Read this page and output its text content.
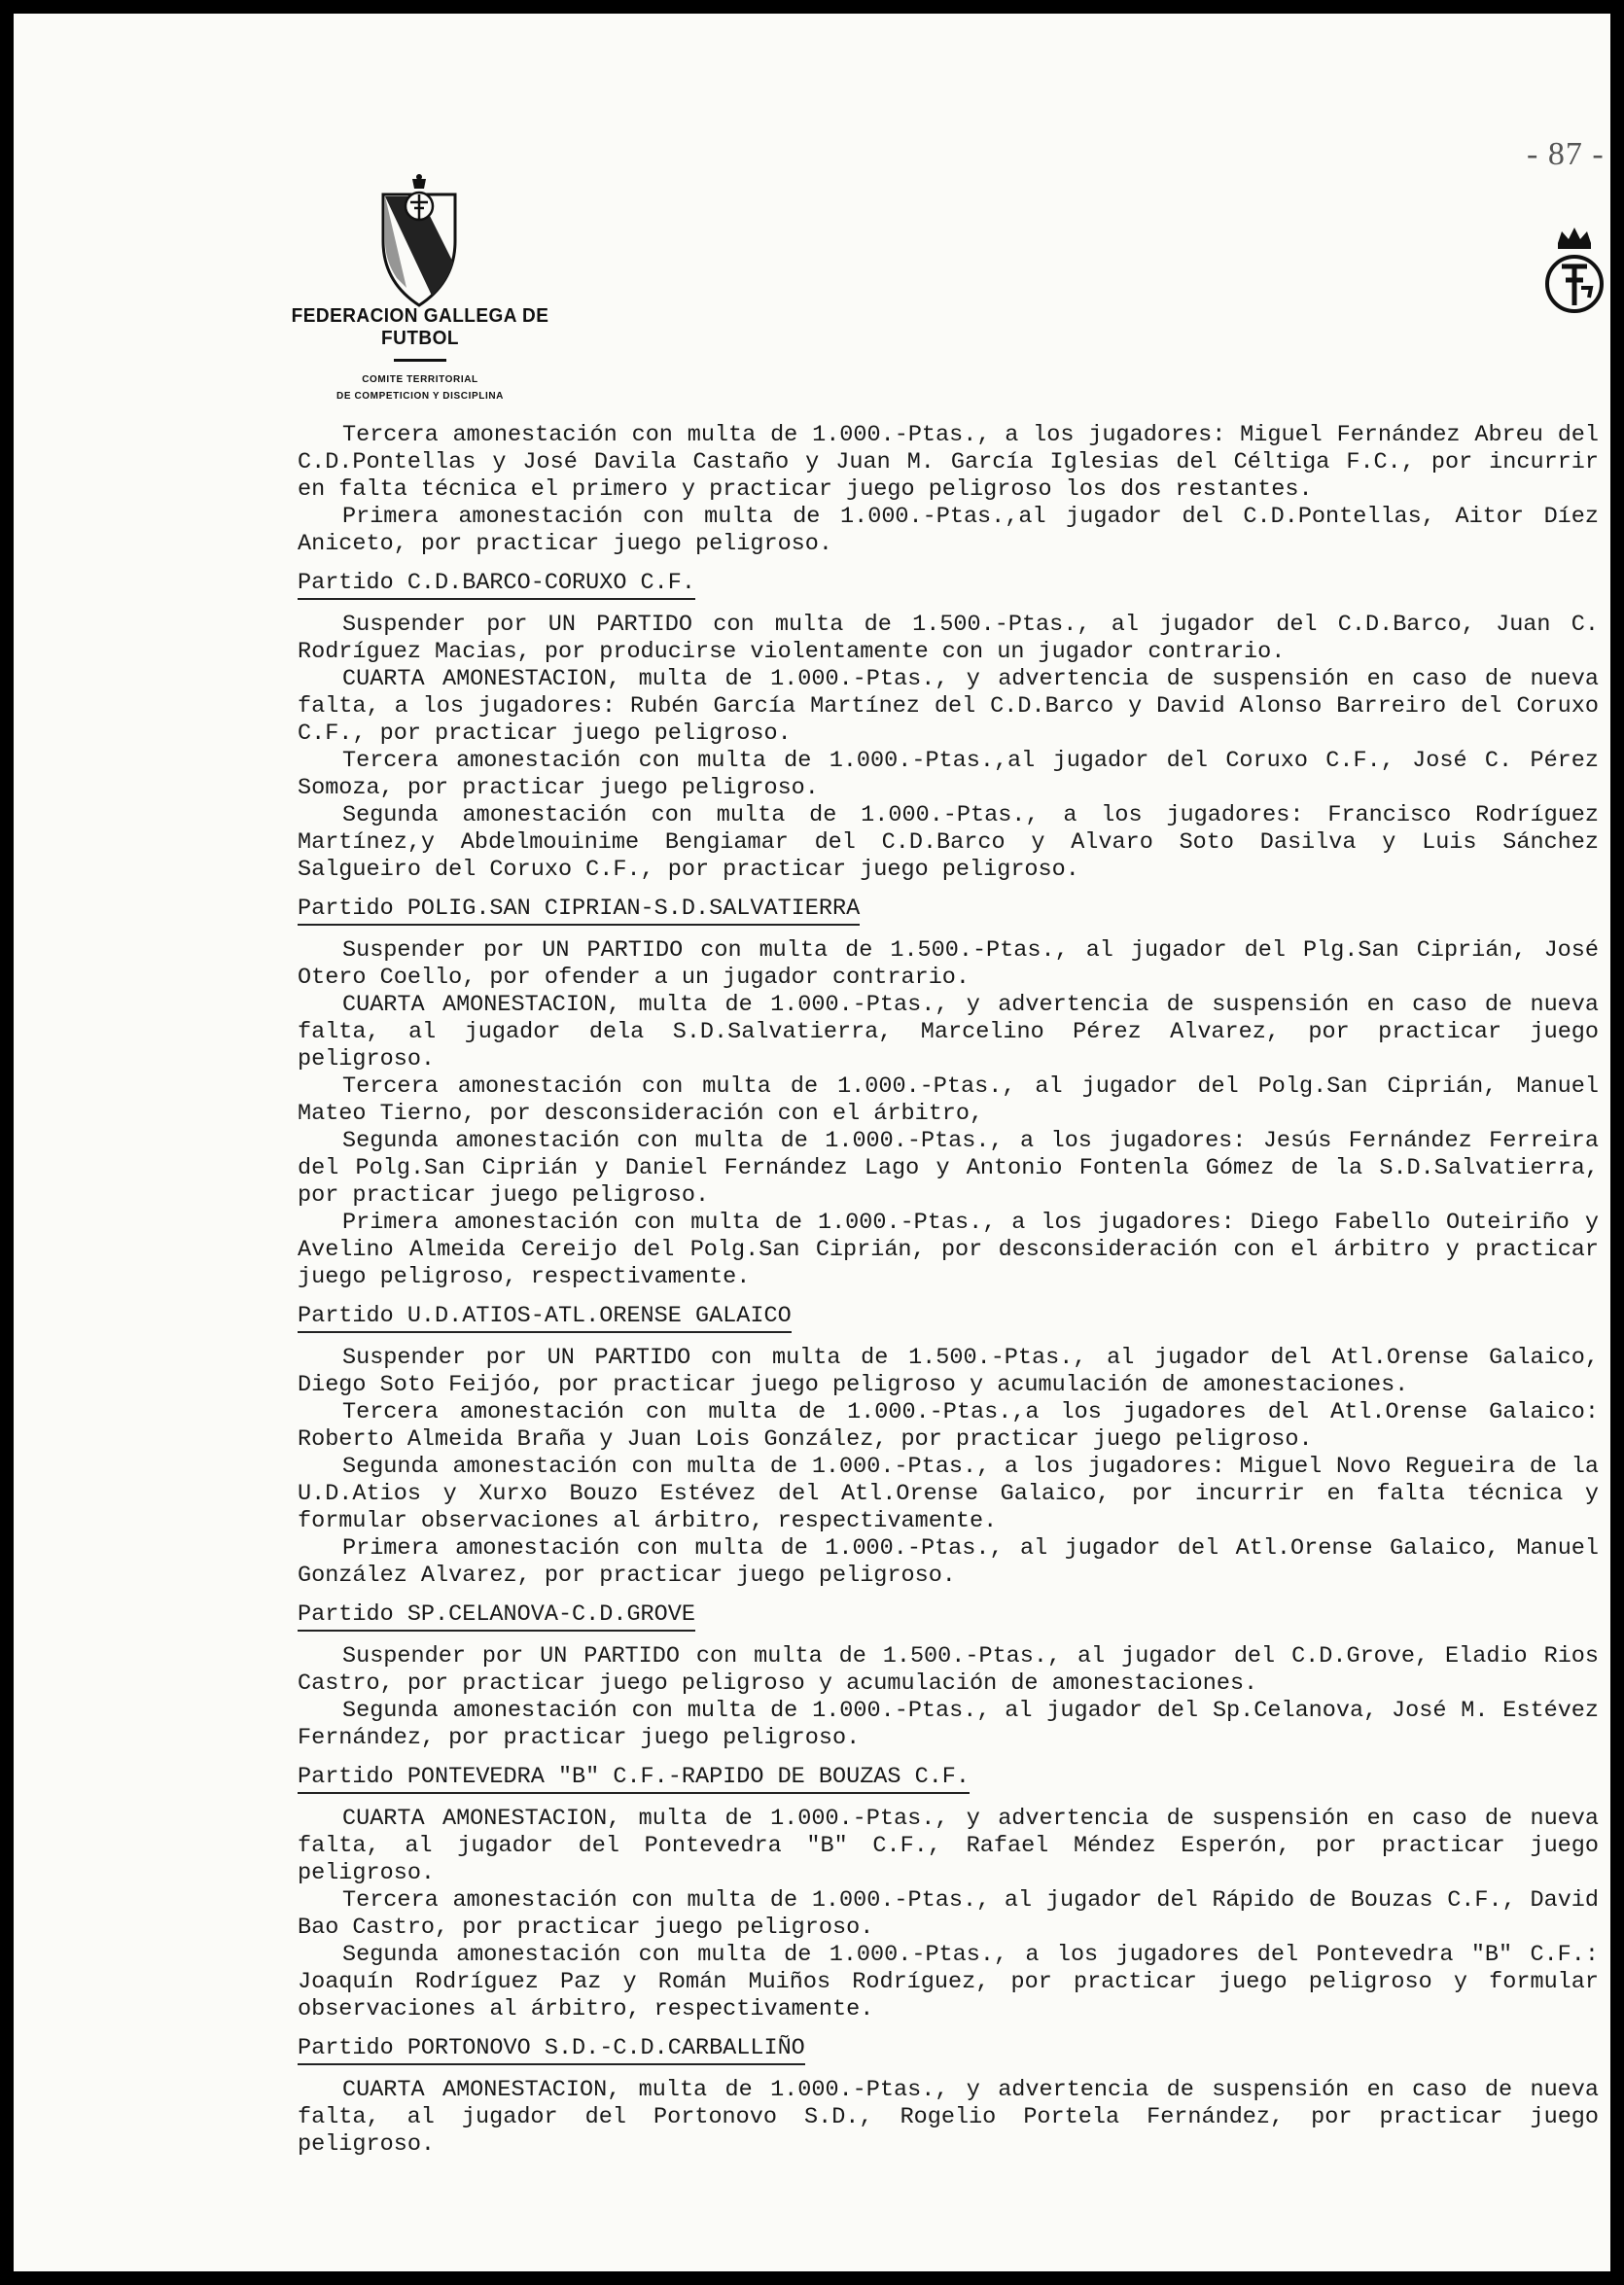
- 87 -
FEDERACION GALLEGA DE FUTBOL
COMITE TERRITORIAL
DE COMPETICION Y DISCIPLINA

Tercera amonestación con multa de 1.000.-Ptas., a los jugadores: Miguel Fernández Abreu del C.D.Pontellas y José Davila Castaño y Juan M. García Iglesias del Céltiga F.C., por incurrir en falta técnica el primero y practicar juego peligroso los dos restantes.

Primera amonestación con multa de 1.000.-Ptas.,al jugador del C.D.Pontellas, Aitor Díez Aniceto, por practicar juego peligroso.

Partido C.D.BARCO-CORUXO C.F.

Suspender por UN PARTIDO con multa de 1.500.-Ptas., al jugador del C.D.Barco, Juan C. Rodríguez Macias, por producirse violentamente con un jugador contrario.

CUARTA AMONESTACION, multa de 1.000.-Ptas., y advertencia de suspensión en caso de nueva falta, a los jugadores: Rubén García Martínez del C.D.Barco y David Alonso Barreiro del Coruxo C.F., por practicar juego peligroso.

Tercera amonestación con multa de 1.000.-Ptas.,al jugador del Coruxo C.F., José C. Pérez Somoza, por practicar juego peligroso.

Segunda amonestación con multa de 1.000.-Ptas., a los jugadores: Francisco Rodríguez Martínez,y Abdelmouinime Bengiamar del C.D.Barco y Alvaro Soto Dasilva y Luis Sánchez Salgueiro del Coruxo C.F., por practicar juego peligroso.

Partido POLIG.SAN CIPRIAN-S.D.SALVATIERRA

Suspender por UN PARTIDO con multa de 1.500.-Ptas., al jugador del Plg.San Ciprián, José Otero Coello, por ofender a un jugador contrario.

CUARTA AMONESTACION, multa de 1.000.-Ptas., y advertencia de suspensión en caso de nueva falta, al jugador dela S.D.Salvatierra, Marcelino Pérez Alvarez, por practicar juego peligroso.

Tercera amonestación con multa de 1.000.-Ptas., al jugador del Polg.San Ciprián, Manuel Mateo Tierno, por desconsideración con el árbitro,

Segunda amonestación con multa de 1.000.-Ptas., a los jugadores: Jesús Fernández Ferreira del Polg.San Ciprián y Daniel Fernández Lago y Antonio Fontenla Gómez de la S.D.Salvatierra, por practicar juego peligroso.

Primera amonestación con multa de 1.000.-Ptas., a los jugadores: Diego Fabello Outeiriño y Avelino Almeida Cereijo del Polg.San Ciprián, por desconsideración con el árbitro y practicar juego peligroso, respectivamente.

Partido U.D.ATIOS-ATL.ORENSE GALAICO

Suspender por UN PARTIDO con multa de 1.500.-Ptas., al jugador del Atl.Orense Galaico, Diego Soto Feijóo, por practicar juego peligroso y acumulación de amonestaciones.

Tercera amonestación con multa de 1.000.-Ptas.,a los jugadores del Atl.Orense Galaico: Roberto Almeida Braña y Juan Lois González, por practicar juego peligroso.

Segunda amonestación con multa de 1.000.-Ptas., a los jugadores: Miguel Novo Regueira de la U.D.Atios y Xurxo Bouzo Estévez del Atl.Orense Galaico, por incurrir en falta técnica y formular observaciones al árbitro, respectivamente.

Primera amonestación con multa de 1.000.-Ptas., al jugador del Atl.Orense Galaico, Manuel González Alvarez, por practicar juego peligroso.

Partido SP.CELANOVA-C.D.GROVE

Suspender por UN PARTIDO con multa de 1.500.-Ptas., al jugador del C.D.Grove, Eladio Rios Castro, por practicar juego peligroso y acumulación de amonestaciones.

Segunda amonestación con multa de 1.000.-Ptas., al jugador del Sp.Celanova, José M. Estévez Fernández, por practicar juego peligroso.

Partido PONTEVEDRA "B" C.F.-RAPIDO DE BOUZAS C.F.

CUARTA AMONESTACION, multa de 1.000.-Ptas., y advertencia de suspensión en caso de nueva falta, al jugador del Pontevedra "B" C.F., Rafael Méndez Esperón, por practicar juego peligroso.

Tercera amonestación con multa de 1.000.-Ptas., al jugador del Rápido de Bouzas C.F., David Bao Castro, por practicar juego peligroso.

Segunda amonestación con multa de 1.000.-Ptas., a los jugadores del Pontevedra "B" C.F.: Joaquín Rodríguez Paz y Román Muiños Rodríguez, por practicar juego peligroso y formular observaciones al árbitro, respectivamente.

Partido PORTONOVO S.D.-C.D.CARBALLIÑO

CUARTA AMONESTACION, multa de 1.000.-Ptas., y advertencia de suspensión en caso de nueva falta, al jugador del Portonovo S.D., Rogelio Portela Fernández, por practicar juego peligroso.
